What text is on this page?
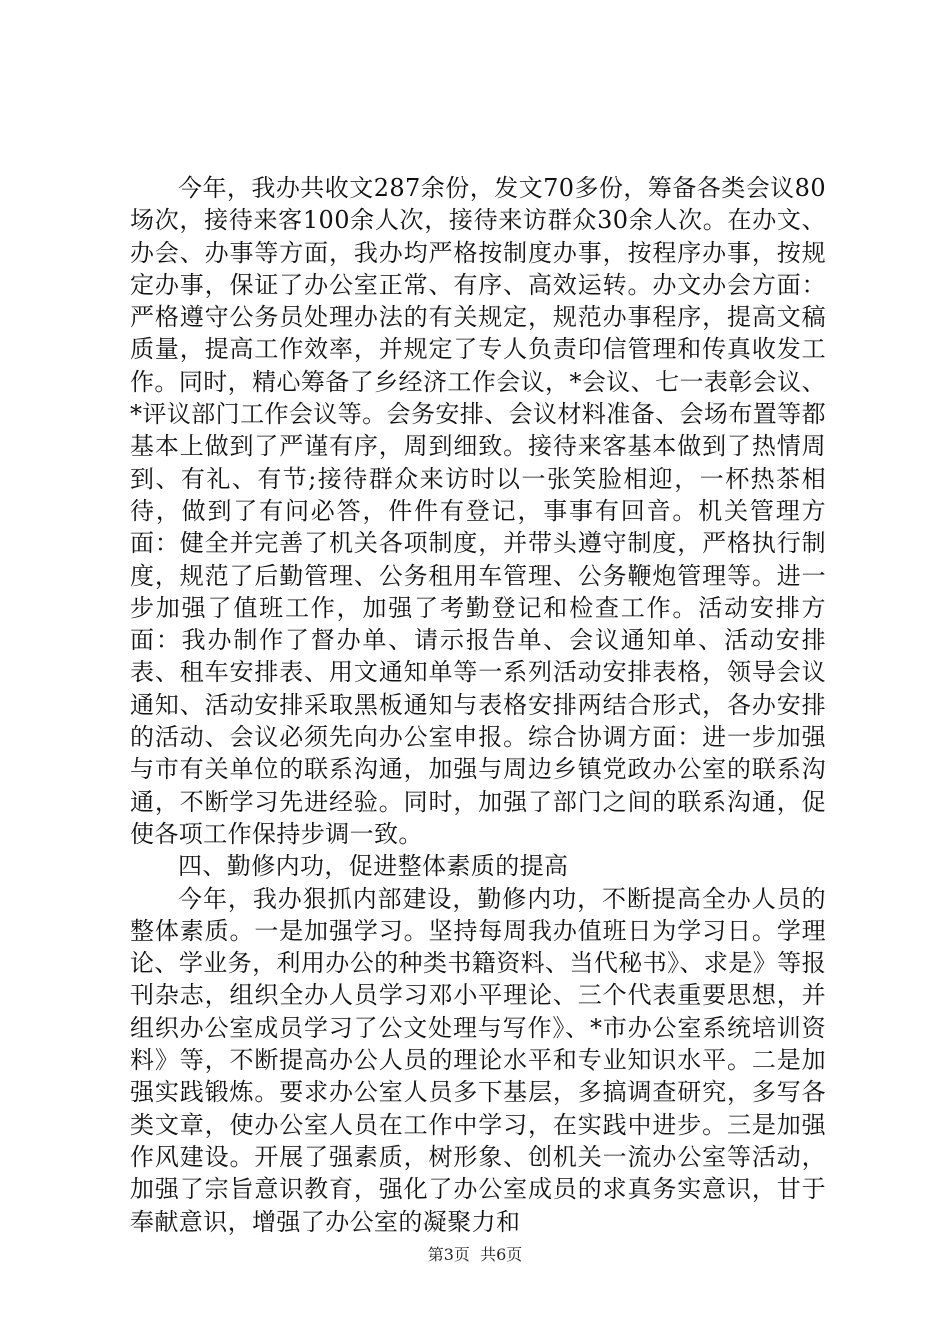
今年，我办共收文287余份，发文70多份，筹备各类会议80场次，接待来客100余人次，接待来访群众30余人次。在办文、办会、办事等方面，我办均严格按制度办事，按程序办事，按规定办事，保证了办公室正常、有序、高效运转。办文办会方面：严格遵守公务员处理办法的有关规定，规范办事程序，提高文稿质量，提高工作效率，并规定了专人负责印信管理和传真收发工作。同时，精心筹备了乡经济工作会议，*会议、七一表彰会议、*评议部门工作会议等。会务安排、会议材料准备、会场布置等都基本上做到了严谨有序，周到细致。接待来客基本做到了热情周到、有礼、有节;接待群众来访时以一张笑脸相迎，一杯热茶相待，做到了有问必答，件件有登记，事事有回音。机关管理方面：健全并完善了机关各项制度，并带头遵守制度，严格执行制度，规范了后勤管理、公务租用车管理、公务鞭炮管理等。进一步加强了值班工作，加强了考勤登记和检查工作。活动安排方面：我办制作了督办单、请示报告单、会议通知单、活动安排表、租车安排表、用文通知单等一系列活动安排表格，领导会议通知、活动安排采取黑板通知与表格安排两结合形式，各办安排的活动、会议必须先向办公室申报。综合协调方面：进一步加强与市有关单位的联系沟通，加强与周边乡镇党政办公室的联系沟通，不断学习先进经验。同时，加强了部门之间的联系沟通，促使各项工作保持步调一致。

四、勤修内功，促进整体素质的提高

今年，我办狠抓内部建设，勤修内功，不断提高全办人员的整体素质。一是加强学习。坚持每周我办值班日为学习日。学理论、学业务，利用办公的种类书籍资料、当代秘书》、求是》等报刊杂志，组织全办人员学习邓小平理论、三个代表重要思想，并组织办公室成员学习了公文处理与写作》、*市办公室系统培训资料》等，不断提高办公人员的理论水平和专业知识水平。二是加强实践锻炼。要求办公室人员多下基层，多搞调查研究，多写各类文章，使办公室人员在工作中学习，在实践中进步。三是加强作风建设。开展了强素质，树形象、创机关一流办公室等活动，加强了宗旨意识教育，强化了办公室成员的求真务实意识，甘于奉献意识，增强了办公室的凝聚力和

第3页  共6页
